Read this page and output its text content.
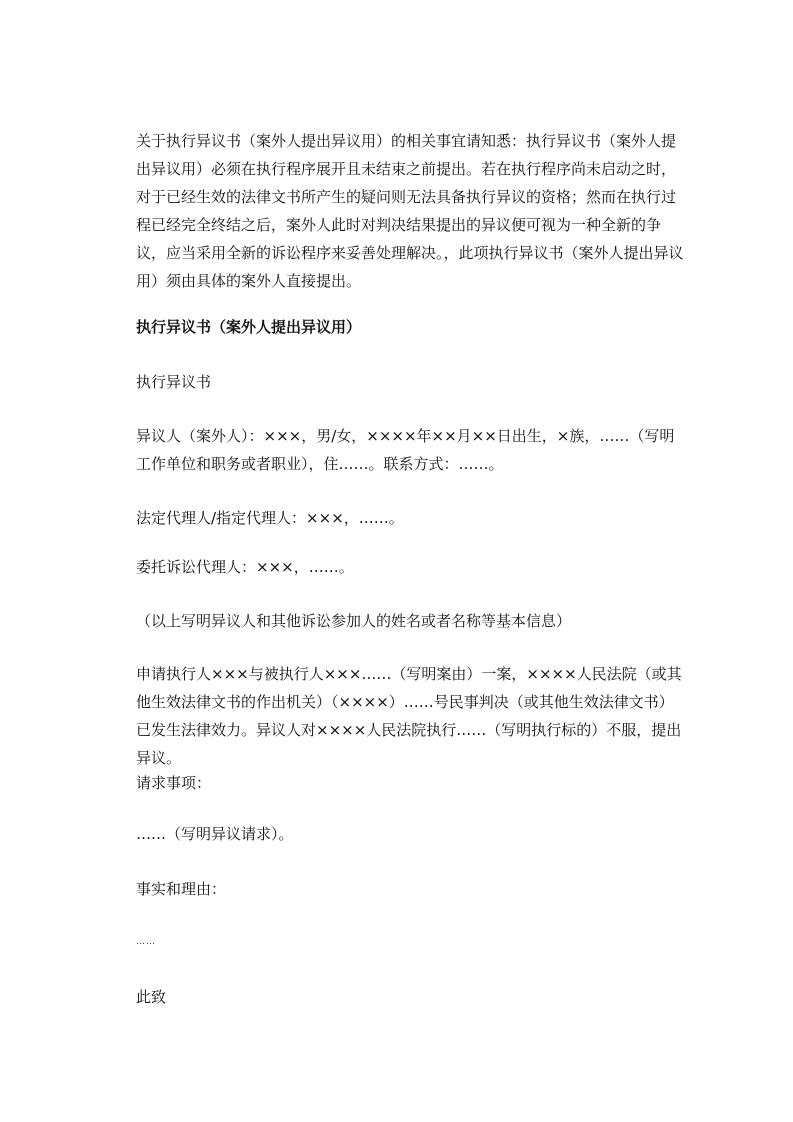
关于执行异议书（案外人提出异议用）的相关事宜请知悉：执行异议书（案外人提出异议用）必须在执行程序展开且未结束之前提出。若在执行程序尚未启动之时，对于已经生效的法律文书所产生的疑问则无法具备执行异议的资格；然而在执行过程已经完全终结之后，案外人此时对判决结果提出的异议便可视为一种全新的争议，应当采用全新的诉讼程序来妥善处理解决。，此项执行异议书（案外人提出异议用）须由具体的案外人直接提出。

执行异议书（案外人提出异议用）

执行异议书

异议人（案外人）：×××，男/女，××××年××月××日出生，×族，……（写明工作单位和职务或者职业），住……。联系方式：……。

法定代理人/指定代理人：×××，……。

委托诉讼代理人：×××，……。

（以上写明异议人和其他诉讼参加人的姓名或者名称等基本信息）

申请执行人×××与被执行人×××……（写明案由）一案，××××人民法院（或其他生效法律文书的作出机关）（××××）……号民事判决（或其他生效法律文书）已发生法律效力。异议人对××××人民法院执行……（写明执行标的）不服，提出异议。

请求事项：

……（写明异议请求）。

事实和理由：

……

此致
